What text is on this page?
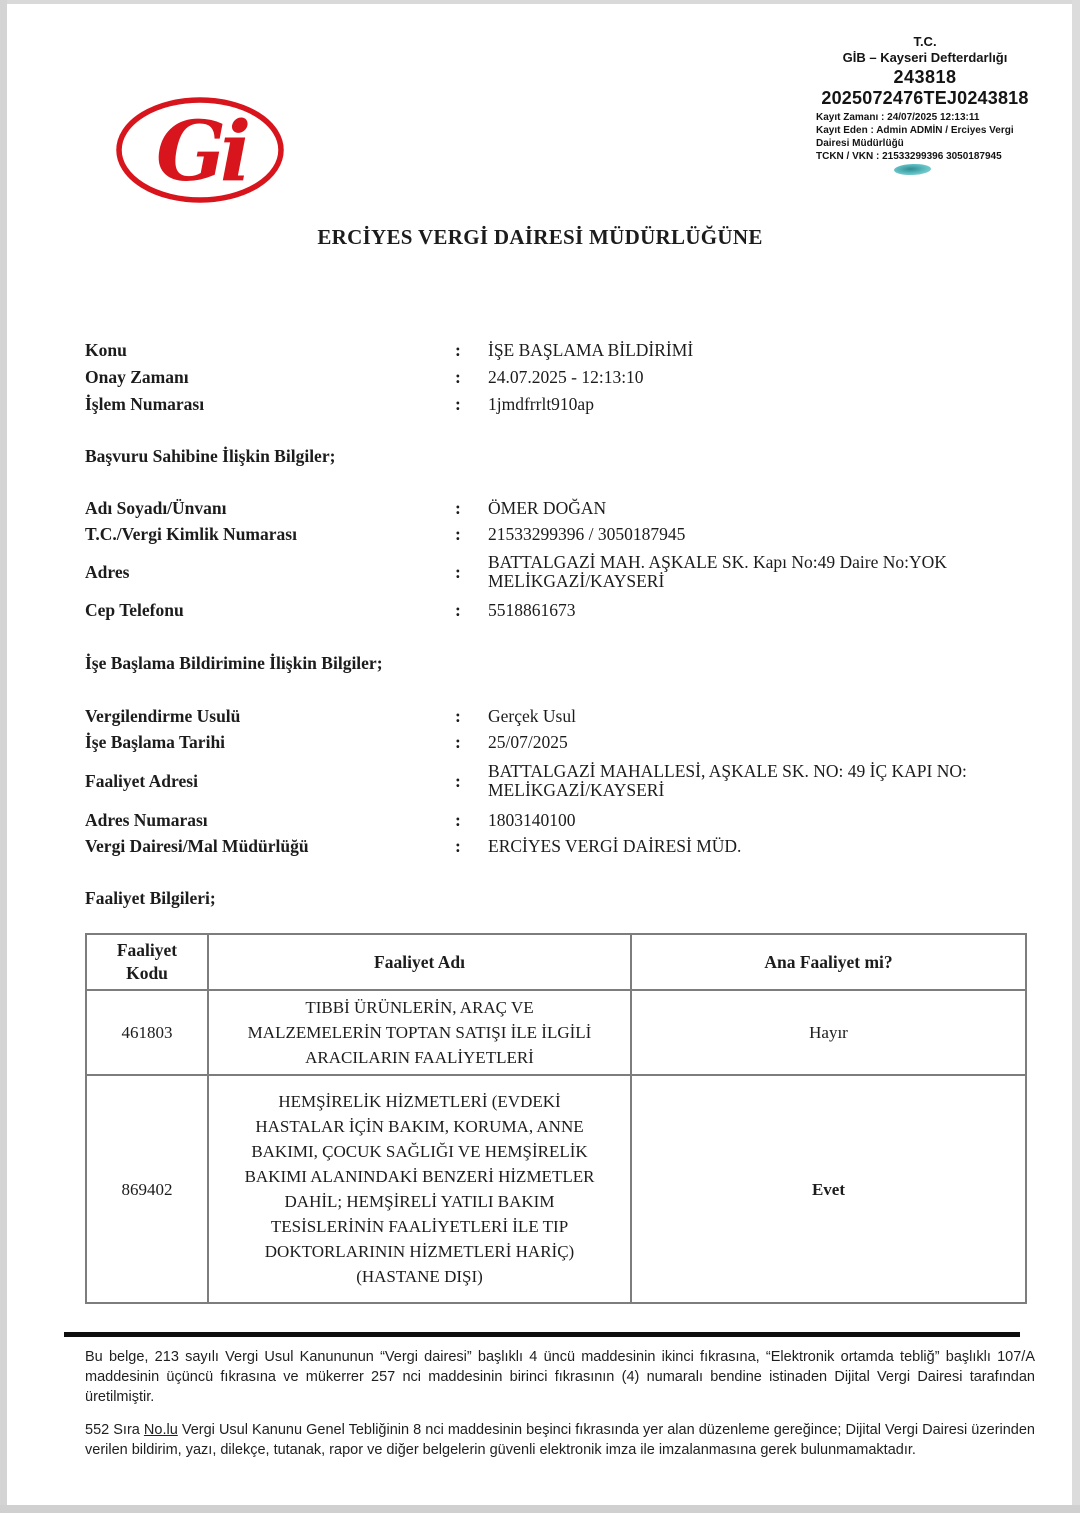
Gi
T.C.
GİB – Kayseri Defterdarlığı
243818
2025072476TEJ0243818
Kayıt Zamanı : 24/07/2025 12:13:11
Kayıt Eden : Admin ADMİN / Erciyes Vergi Dairesi Müdürlüğü
TCKN / VKN : 21533299396 3050187945
ERCİYES VERGİ DAİRESİ MÜDÜRLÜĞÜNE
Konu	:	İŞE BAŞLAMA BİLDİRİMİ
Onay Zamanı	:	24.07.2025 - 12:13:10
İşlem Numarası	:	1jmdfrrlt910ap
Başvuru Sahibine İlişkin Bilgiler;
Adı Soyadı/Ünvanı	:	ÖMER DOĞAN
T.C./Vergi Kimlik Numarası	:	21533299396 / 3050187945
Adres	:	BATTALGAZİ MAH. AŞKALE SK. Kapı No:49 Daire No:YOK MELİKGAZİ/KAYSERİ
Cep Telefonu	:	5518861673
İşe Başlama Bildirimine İlişkin Bilgiler;
Vergilendirme Usulü	:	Gerçek Usul
İşe Başlama Tarihi	:	25/07/2025
Faaliyet Adresi	:	BATTALGAZİ MAHALLESİ, AŞKALE SK. NO: 49 İÇ KAPI NO: MELİKGAZİ/KAYSERİ
Adres Numarası	:	1803140100
Vergi Dairesi/Mal Müdürlüğü	:	ERCİYES VERGİ DAİRESİ MÜD.
Faaliyet Bilgileri;
Faaliyet Kodu	Faaliyet Adı	Ana Faaliyet mi?
461803	TIBBİ ÜRÜNLERİN, ARAÇ VE MALZEMELERİN TOPTAN SATIŞI İLE İLGİLİ ARACILARIN FAALİYETLERİ	Hayır
869402	HEMŞİRELİK HİZMETLERİ (EVDEKİ HASTALAR İÇİN BAKIM, KORUMA, ANNE BAKIMI, ÇOCUK SAĞLIĞI VE HEMŞİRELİK BAKIMI ALANINDAKİ BENZERİ HİZMETLER DAHİL; HEMŞİRELİ YATILI BAKIM TESİSLERİNİN FAALİYETLERİ İLE TIP DOKTORLARININ HİZMETLERİ HARİÇ) (HASTANE DIŞI)	Evet

Bu belge, 213 sayılı Vergi Usul Kanununun “Vergi dairesi” başlıklı 4 üncü maddesinin ikinci fıkrasına, “Elektronik ortamda tebliğ” başlıklı 107/A maddesinin üçüncü fıkrasına ve mükerrer 257 nci maddesinin birinci fıkrasının (4) numaralı bendine istinaden Dijital Vergi Dairesi tarafından üretilmiştir.

552 Sıra No.lu Vergi Usul Kanunu Genel Tebliğinin 8 nci maddesinin beşinci fıkrasında yer alan düzenleme gereğince; Dijital Vergi Dairesi üzerinden verilen bildirim, yazı, dilekçe, tutanak, rapor ve diğer belgelerin güvenli elektronik imza ile imzalanmasına gerek bulunmamaktadır.
